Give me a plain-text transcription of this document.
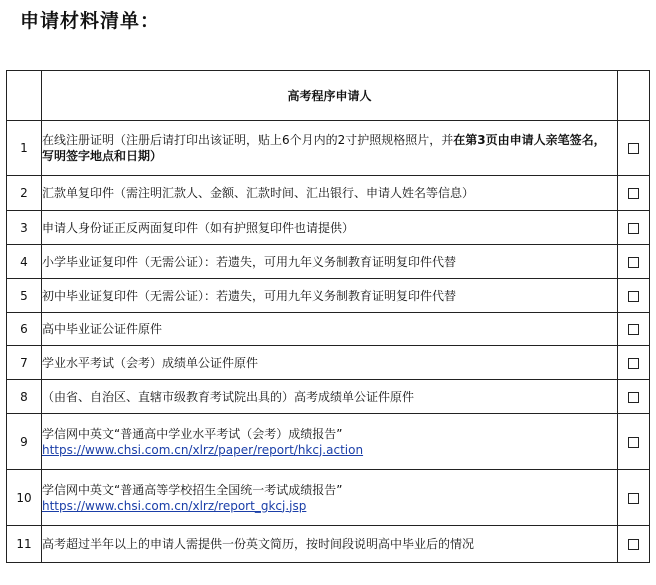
申请材料清单：
	高考程序申请人	
1	在线注册证明（注册后请打印出该证明，贴上6个月内的2寸护照规格照片，并在第3页由申请人亲笔签名，写明签字地点和日期）	
2	汇款单复印件（需注明汇款人、金额、汇款时间、汇出银行、申请人姓名等信息）	
3	申请人身份证正反两面复印件（如有护照复印件也请提供）	
4	小学毕业证复印件（无需公证）：若遗失，可用九年义务制教育证明复印件代替	
5	初中毕业证复印件（无需公证）：若遗失，可用九年义务制教育证明复印件代替	
6	高中毕业证公证件原件	
7	学业水平考试（会考）成绩单公证件原件	
8	（由省、自治区、直辖市级教育考试院出具的）高考成绩单公证件原件	
9	学信网中英文“普通高中学业水平考试（会考）成绩报告”
https://www.chsi.com.cn/xlrz/paper/report/hkcj.action	

10	学信网中英文“普通高等学校招生全国统一考试成绩报告”
https://www.chsi.com.cn/xlrz/report_gkcj.jsp	

11	高考超过半年以上的申请人需提供一份英文简历，按时间段说明高中毕业后的情况	
